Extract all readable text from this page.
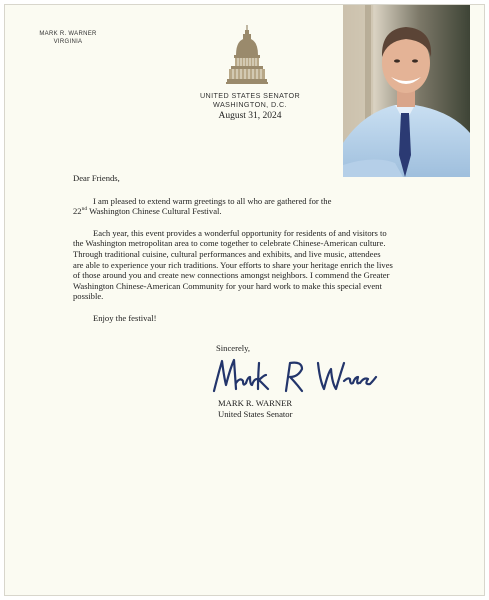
MARK R. WARNER
VIRGINIA
UNITED STATES SENATOR
WASHINGTON, D.C.
August 31, 2024

Dear Friends,

I am pleased to extend warm greetings to all who are gathered for the
22nd Washington Chinese Cultural Festival.

Each year, this event provides a wonderful opportunity for residents of and visitors to the Washington metropolitan area to come together to celebrate Chinese-American culture. Through traditional cuisine, cultural performances and exhibits, and live music, attendees are able to experience your rich traditions. Your efforts to share your heritage enrich the lives of those around you and create new connections amongst neighbors. I commend the Greater Washington Chinese-American Community for your hard work to make this special event possible.

Enjoy the festival!

Sincerely,
MARK R. WARNER
United States Senator
